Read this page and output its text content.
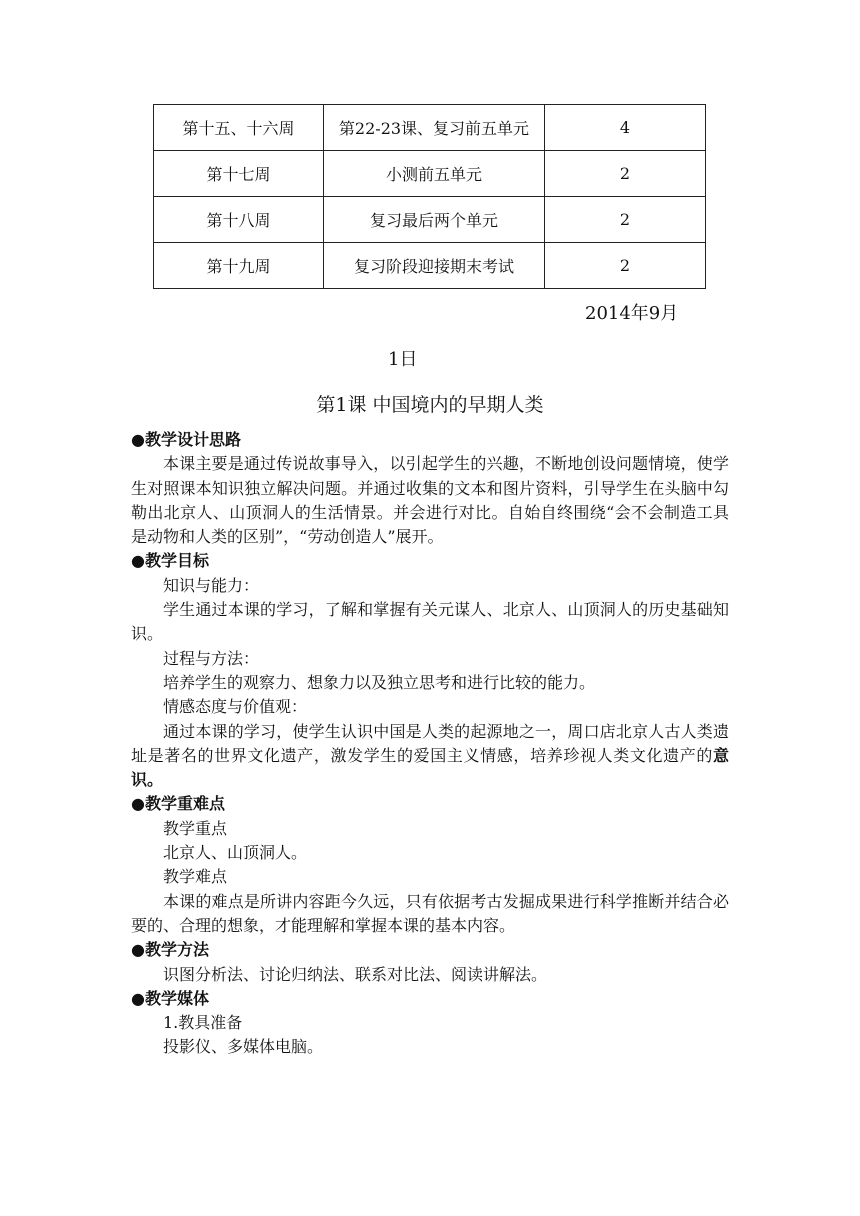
第十五、十六周	第22-23课、复习前五单元	4
第十七周	小测前五单元	2
第十八周	复习最后两个单元	2
第十九周	复习阶段迎接期末考试	2
2014年9月
1日
第1课 中国境内的早期人类

●教学设计思路

本课主要是通过传说故事导入，以引起学生的兴趣，不断地创设问题情境，使学生对照课本知识独立解决问题。并通过收集的文本和图片资料，引导学生在头脑中勾勒出北京人、山顶洞人的生活情景。并会进行对比。自始自终围绕“会不会制造工具是动物和人类的区别”，“劳动创造人”展开。

●教学目标

知识与能力：

学生通过本课的学习，了解和掌握有关元谋人、北京人、山顶洞人的历史基础知识。

过程与方法：

培养学生的观察力、想象力以及独立思考和进行比较的能力。

情感态度与价值观：

通过本课的学习，使学生认识中国是人类的起源地之一，周口店北京人古人类遗址是著名的世界文化遗产，激发学生的爱国主义情感，培养珍视人类文化遗产的意识。

●教学重难点

教学重点

北京人、山顶洞人。

教学难点

本课的难点是所讲内容距今久远，只有依据考古发掘成果进行科学推断并结合必要的、合理的想象，才能理解和掌握本课的基本内容。

●教学方法

识图分析法、讨论归纳法、联系对比法、阅读讲解法。

●教学媒体

1.教具准备

投影仪、多媒体电脑。
